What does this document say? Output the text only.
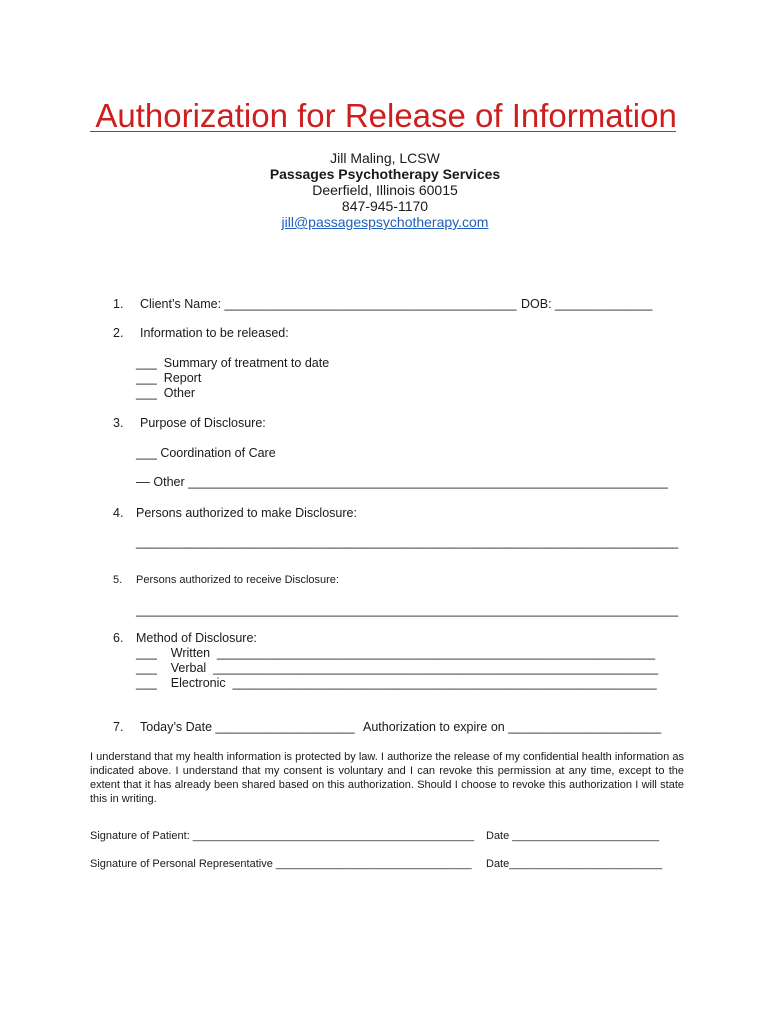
Authorization for Release of Information
Jill Maling, LCSW
Passages Psychotherapy Services
Deerfield, Illinois 60015
847-945-1170
jill@passagespsychotherapy.com
1. Client’s Name: __________________________________________ DOB: ______________
2. Information to be released:
___  Summary of treatment to date
___  Report
___  Other
3. Purpose of Disclosure:
___ Coordination of Care
–– Other _____________________________________________________________________
4. Persons authorized to make Disclosure:
______________________________________________________________________________
5. Persons authorized to receive Disclosure:
______________________________________________________________________________
6. Method of Disclosure:
___    Written  _______________________________________________________________
___    Verbal  ________________________________________________________________
___    Electronic  _____________________________________________________________
7. Today’s Date ____________________ Authorization to expire on ______________________
I understand that my health information is protected by law. I authorize the release of my confidential health information as indicated above. I understand that my consent is voluntary and I can revoke this permission at any time, except to the extent that it has already been shared based on this authorization. Should I choose to revoke this authorization I will state this in writing.
Signature of Patient: ______________________________________________ Date ________________________
Signature of Personal Representative ________________________________ Date_________________________
